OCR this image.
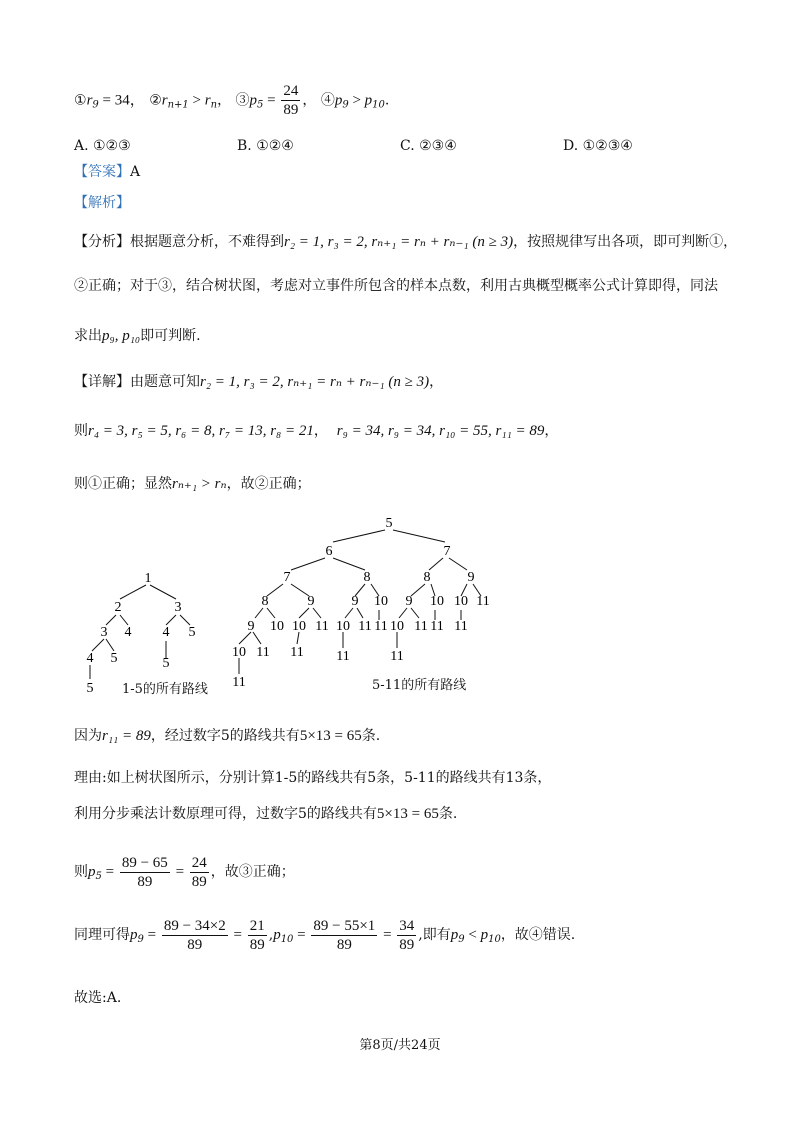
$①r_9 = 34$， $②r_{n+1} > r_n$， $③p_5 = \frac{24}{89}$ ， $④p_9 > p_{10}$.
A. ①②③	B. ①②④	C. ②③④	D. ①②③④
【答案】A
【解析】
【分析】根据题意分析，不难得到r₂ = 1, r₃ = 2, rₙ₊₁ = rₙ + rₙ₋₁ (n ≥ 3)，按照规律写出各项，即可判断①，
②正确；对于③，结合树状图，考虑对立事件所包含的样本点数，利用古典概型概率公式计算即得，同法
求出p₉, p₁₀即可判断.
【详解】由题意可知r₂ = 1, r₃ = 2, rₙ₊₁ = rₙ + rₙ₋₁ (n ≥ 3)，
则r₄ = 3, r₅ = 5, r₆ = 8, r₇ = 13, r₈ = 21， r₉ = 34, r₉ = 34, r₁₀ = 55, r₁₁ = 89，
则①正确；显然rₙ₊₁ > rₙ，故②正确；
1
2	3
3 4 4 5
4 5	5
5 1-5的所有路线
5
6	7
7	8	8	9
8	9	9 10 9 10 10 11
9 10 10 11 10 11 11 10 11 11 11
10 11 11 11	11
11	5-11的所有路线
因为r₁₁ = 89，经过数字5的路线共有5×13 = 65条.
理由:如上树状图所示，分别计算1-5的路线共有5条，5-11的路线共有13条，
利用分步乘法计数原理可得，过数字5的路线共有5×13 = 65条.
则$p_5 = \frac{89 - 65}{89} = \frac{24}{89}$ ，故③正确；
同理可得$p_9 = \frac{89 - 34\times 2}{89} = \frac{21}{89} ,p_{10} = \frac{89 - 55\times 1}{89} = \frac{34}{89}$ ,即有$p_9 < p_{10}$，故④错误.
故选:A.
第8页/共24页
